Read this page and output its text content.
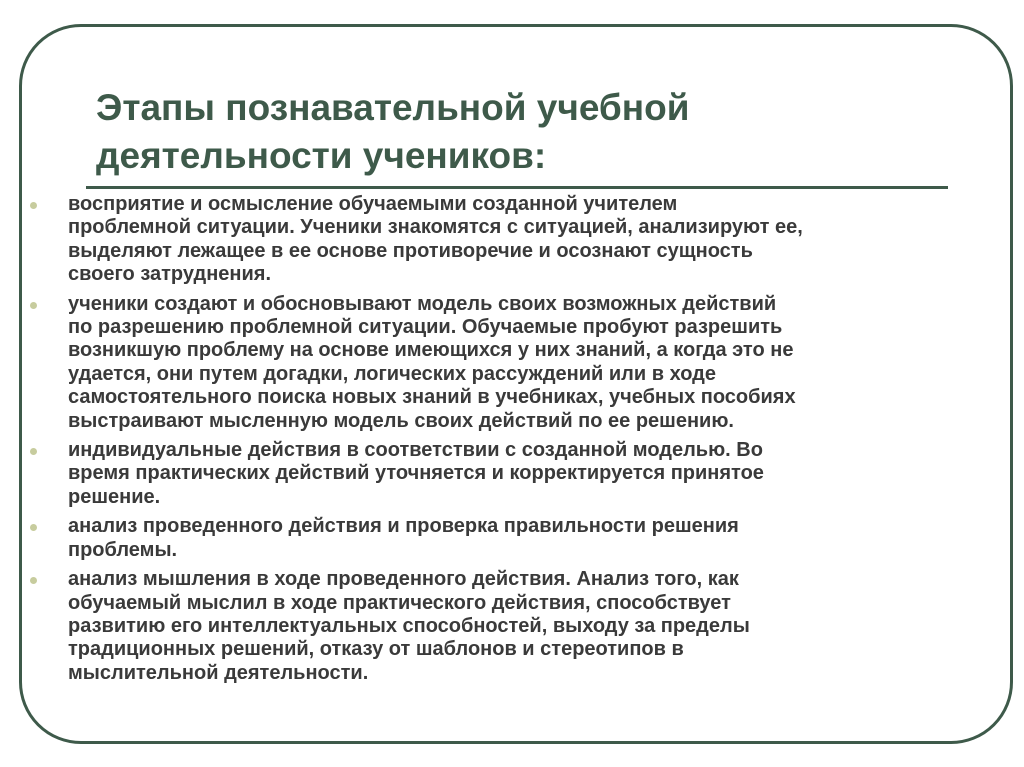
Этапы познавательной учебной
деятельности учеников:
восприятие и осмысление обучаемыми созданной учителем
проблемной ситуации. Ученики знакомятся с ситуацией, анализируют ее,
выделяют лежащее в ее основе противоречие и осознают сущность
своего затруднения.
ученики создают и обосновывают модель своих возможных действий
по разрешению проблемной ситуации. Обучаемые пробуют разрешить
возникшую проблему на основе имеющихся у них знаний, а когда это не
удается, они путем догадки, логических рассуждений или в ходе
самостоятельного поиска новых знаний в учебниках, учебных пособиях
выстраивают мысленную модель своих действий по ее решению.
индивидуальные действия в соответствии с созданной моделью. Во
время практических действий уточняется и корректируется принятое
решение.
анализ проведенного действия и проверка правильности решения
проблемы.
анализ мышления в ходе проведенного действия. Анализ того, как
обучаемый мыслил в ходе практического действия, способствует
развитию его интеллектуальных способностей, выходу за пределы
традиционных решений, отказу от шаблонов и стереотипов в
мыслительной деятельности.
